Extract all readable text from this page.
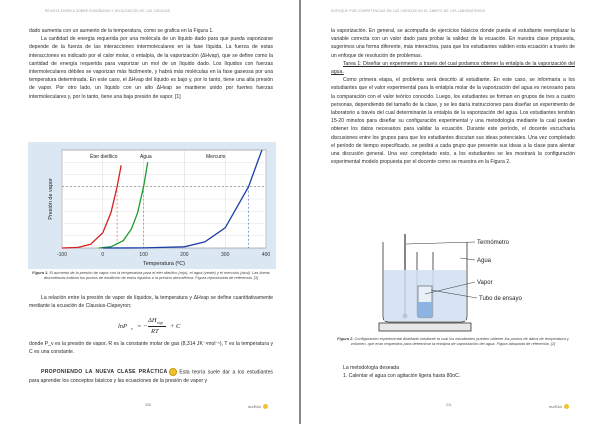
REVISTA EUREKA SOBRE ENSEÑANZA Y DIVULGACIÓN DE LAS CIENCIAS

dado aumenta con un aumento de la temperatura, como se grafica en la Figura 1.

La cantidad de energía requerida por una molécula de un líquido dado para que pueda vaporizarse depende de la fuerza de las interacciones intermoleculares en la fase líquida. La fuerza de estas interacciones es indicado por el calor molar, o entalpía, de la vaporización (ΔHvap), que se define como la cantidad de energía requerida para vaporizar un mol de un líquido dado. Los líquidos con fuerzas intermoleculares débiles se vaporizan más fácilmente, y habrá más moléculas en la fase gaseosa por una temperatura determinada. En este caso, el ΔHvap del líquido es bajo y, por lo tanto, tiene una alta presión de vapor. Por otro lado, un líquido con un alto ΔHvap se mantiene unido por fuertes fuerzas intermoleculares y, por lo tanto, tiene una baja presión de vapor. [1]

-100	0	100	200	300	400
Éter dietílico	Agua	Mercurio
Temperatura (ºC)
Presión de vapor
Figura 1. El aumento de la presión de vapor con la temperatura para el éter dietílico (rojo), el agua (verde) y el mercurio (azul). Las líneas discontinuas indican los puntos de ebullición de estos líquidos a la presión atmosférica. Figura reproducida de referencia. [3]

La relación entre la presión de vapor de líquidos, la temperatura y ΔHvap se define cuantitativamente mediante la ecuación de Clausius-Clapeyron;

lnP v = −
ΔH vap
RT
+ C
donde P_v es la presión de vapor, R es la constante molar de gas (8,314 JK⁻¹mol⁻¹), T es la temperatura y C es una constante.

PROPONIENDO LA NUEVA CLASE PRÁCTICA Esta teoría suele dar a los estudiantes para aprender los conceptos básicos y las ecuaciones de la presión de vapor y

308	eurEka
ENFOQUE POR COMPETENCIAS EN LAS CIENCIAS EN EL ÁMBITO DE LOS LABORATORIOS

la vaporización. En general, se acompaña de ejercicios básicos donde pueda el estudiante reemplazar la variable correcta con un valor dado para probar la validez de la ecuación. En nuestra clase propuesta, sugerimos una forma diferente, más interactiva, para que los estudiantes validen esta ecuación a través de un enfoque de resolución de problemas.

Tarea 1: Diseñar un experimento a través del cual podamos obtener la entalpía de la vaporización del agua.

Como primera etapa, el problema será descrito al estudiante. En este caso, se informaría a los estudiantes que el valor experimental para la entalpía molar de la vaporización del agua es necesario para la comparación con el valor teórico conocido. Luego, los estudiantes se forman en grupos de tres a cuatro personas, dependiendo del tamaño de la clase, y se les daría instrucciones para diseñar un experimento de laboratorio a través del cual determinarán la entalpía de la vaporización del agua. Los estudiantes tendrán 15-20 minutos para diseñar su configuración experimental y una metodología mediante la cual puedan obtener los datos necesarios para validar la ecuación. Durante este período, el docente escucharía discusiones entre los grupos para que los estudiantes discutan sus ideas potenciales. Una vez completado el período de tiempo especificado, se pedirá a cada grupo que presente sus ideas a la clase para alentar una discusión general. Una vez completado esto, a los estudiantes se les mostrará la configuración experimental modelo propuesta por el docente como se muestra en la Figura 2.

Termómetro
Agua
Vapor
Tubo de ensayo
Figura 2. Configuración experimental diseñada mediante la cual los estudiantes pueden obtener los puntos de datos de temperatura y volumen, que eran requeridos para determinar la entalpía de vaporización del agua. Figura adoptada de referencia. [2]

La metodología deseada

1. Calentar el agua con agitación ligera hasta 80oC.

211	eurEka
